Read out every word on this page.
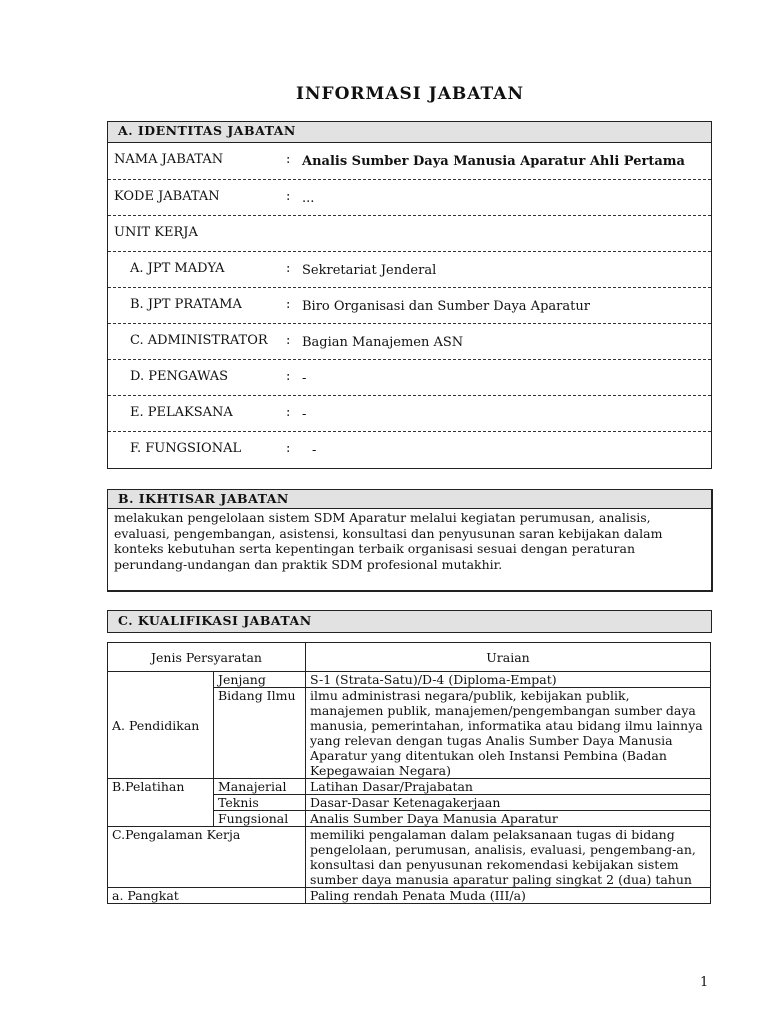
INFORMASI JABATAN
A. IDENTITAS JABATAN
NAMA JABATAN	: Analis Sumber Daya Manusia Aparatur Ahli Pertama
KODE JABATAN	: ...
UNIT KERJA
A. JPT MADYA	: Sekretariat Jenderal
B. JPT PRATAMA	: Biro Organisasi dan Sumber Daya Aparatur
C. ADMINISTRATOR : Bagian Manajemen ASN
D. PENGAWAS	: -
E. PELAKSANA	: -
F. FUNGSIONAL	: -
B. IKHTISAR JABATAN
melakukan pengelolaan sistem SDM Aparatur melalui kegiatan perumusan, analisis, evaluasi, pengembangan, asistensi, konsultasi dan penyusunan saran kebijakan dalam konteks kebutuhan serta kepentingan terbaik organisasi sesuai dengan peraturan perundang-undangan dan praktik SDM profesional mutakhir.
C. KUALIFIKASI JABATAN
Jenis Persyaratan		Uraian
A. Pendidikan	Jenjang	S-1 (Strata-Satu)/D-4 (Diploma-Empat)
	Bidang Ilmu	ilmu administrasi negara/publik, kebijakan publik, manajemen publik, manajemen/pengembangan sumber daya manusia, pemerintahan, informatika atau bidang ilmu lainnya yang relevan dengan tugas Analis Sumber Daya Manusia Aparatur yang ditentukan oleh Instansi Pembina (Badan Kepegawaian Negara)
B.Pelatihan	Manajerial	Latihan Dasar/Prajabatan
	Teknis	Dasar-Dasar Ketenagakerjaan
	Fungsional	Analis Sumber Daya Manusia Aparatur
C.Pengalaman Kerja		memiliki pengalaman dalam pelaksanaan tugas di bidang pengelolaan, perumusan, analisis, evaluasi, pengembang-an, konsultasi dan penyusunan rekomendasi kebijakan sistem sumber daya manusia aparatur paling singkat 2 (dua) tahun
a. Pangkat		Paling rendah Penata Muda (III/a)
1
